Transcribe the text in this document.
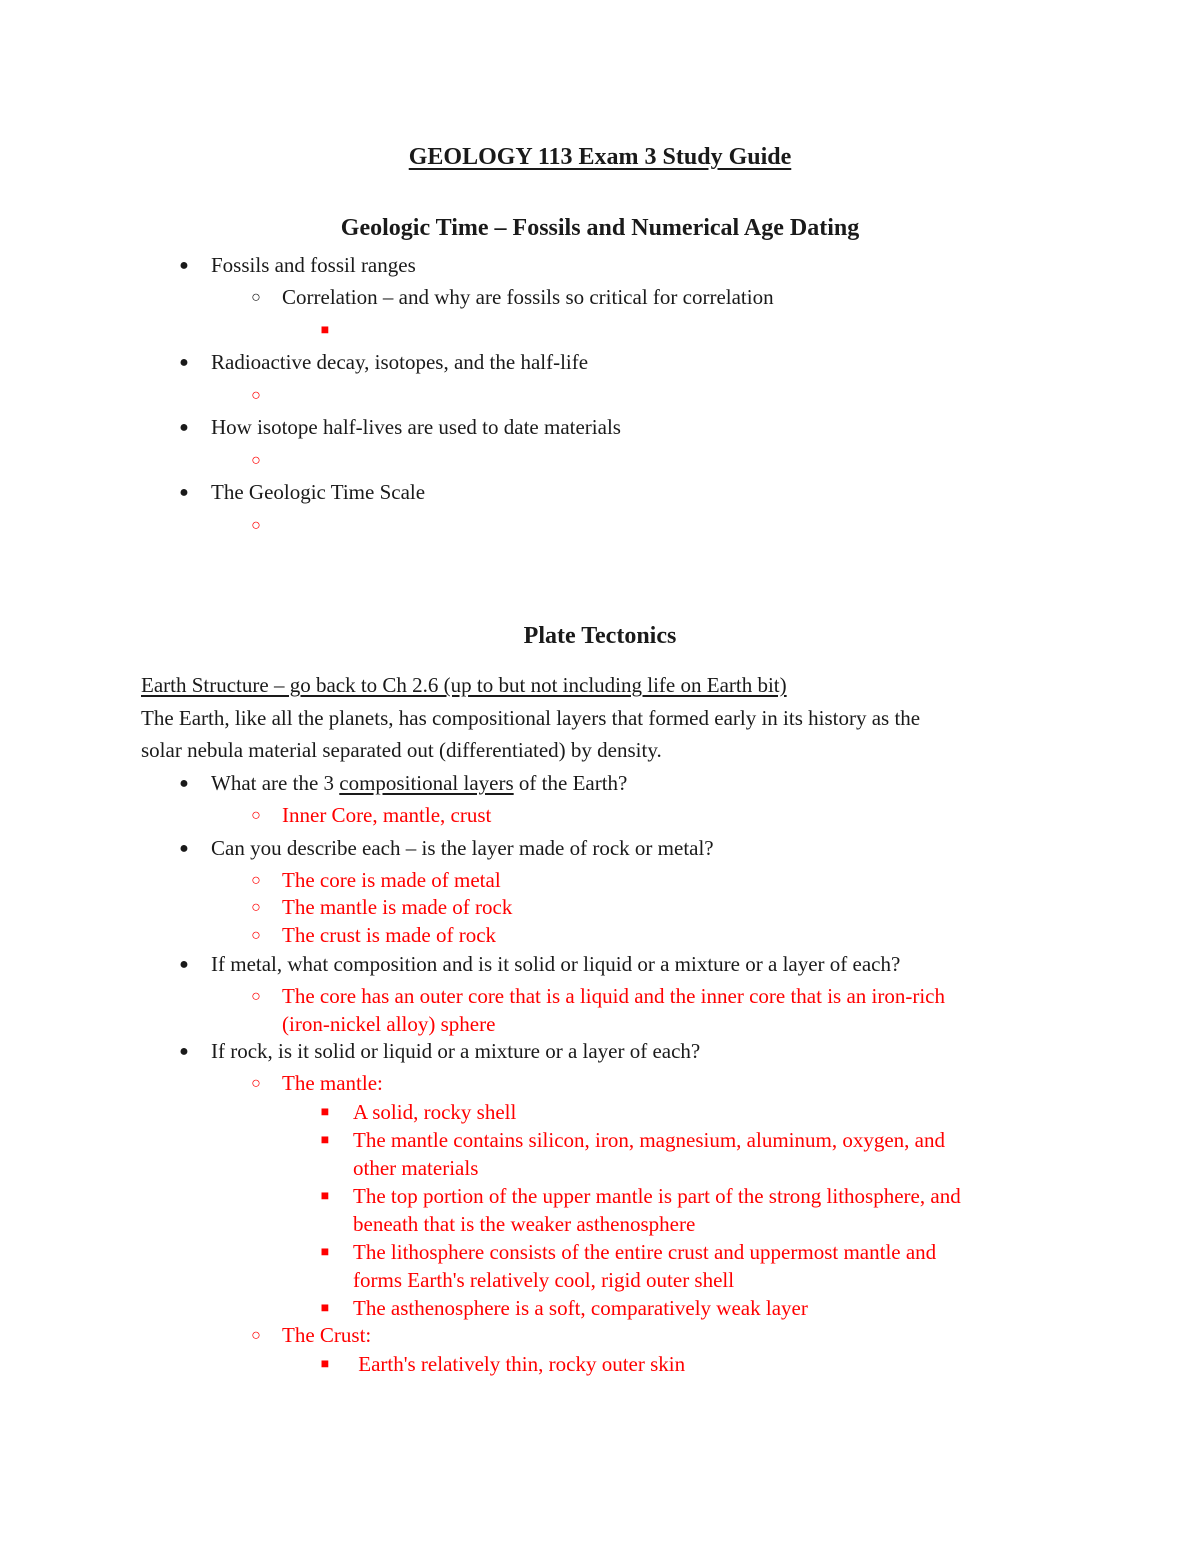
GEOLOGY 113 Exam 3 Study Guide
Geologic Time – Fossils and Numerical Age Dating
●	Fossils and fossil ranges
○	Correlation – and why are fossils so critical for correlation
■
●	Radioactive decay, isotopes, and the half-life
○
●	How isotope half-lives are used to date materials
○
●	The Geologic Time Scale
○
Plate Tectonics
Earth Structure – go back to Ch 2.6 (up to but not including life on Earth bit)
The Earth, like all the planets, has compositional layers that formed early in its history as the
solar nebula material separated out (differentiated) by density.
●	What are the 3 compositional layers of the Earth?
○	Inner Core, mantle, crust
●	Can you describe each – is the layer made of rock or metal?
○	The core is made of metal
○	The mantle is made of rock
○	The crust is made of rock
●	If metal, what composition and is it solid or liquid or a mixture or a layer of each?
○	The core has an outer core that is a liquid and the inner core that is an iron-rich
(iron-nickel alloy) sphere
●	If rock, is it solid or liquid or a mixture or a layer of each?
○	The mantle:
■	A solid, rocky shell
■	The mantle contains silicon, iron, magnesium, aluminum, oxygen, and
other materials
■	The top portion of the upper mantle is part of the strong lithosphere, and
beneath that is the weaker asthenosphere
■	The lithosphere consists of the entire crust and uppermost mantle and
forms Earth's relatively cool, rigid outer shell
■	The asthenosphere is a soft, comparatively weak layer
○	The Crust:
■	Earth's relatively thin, rocky outer skin
